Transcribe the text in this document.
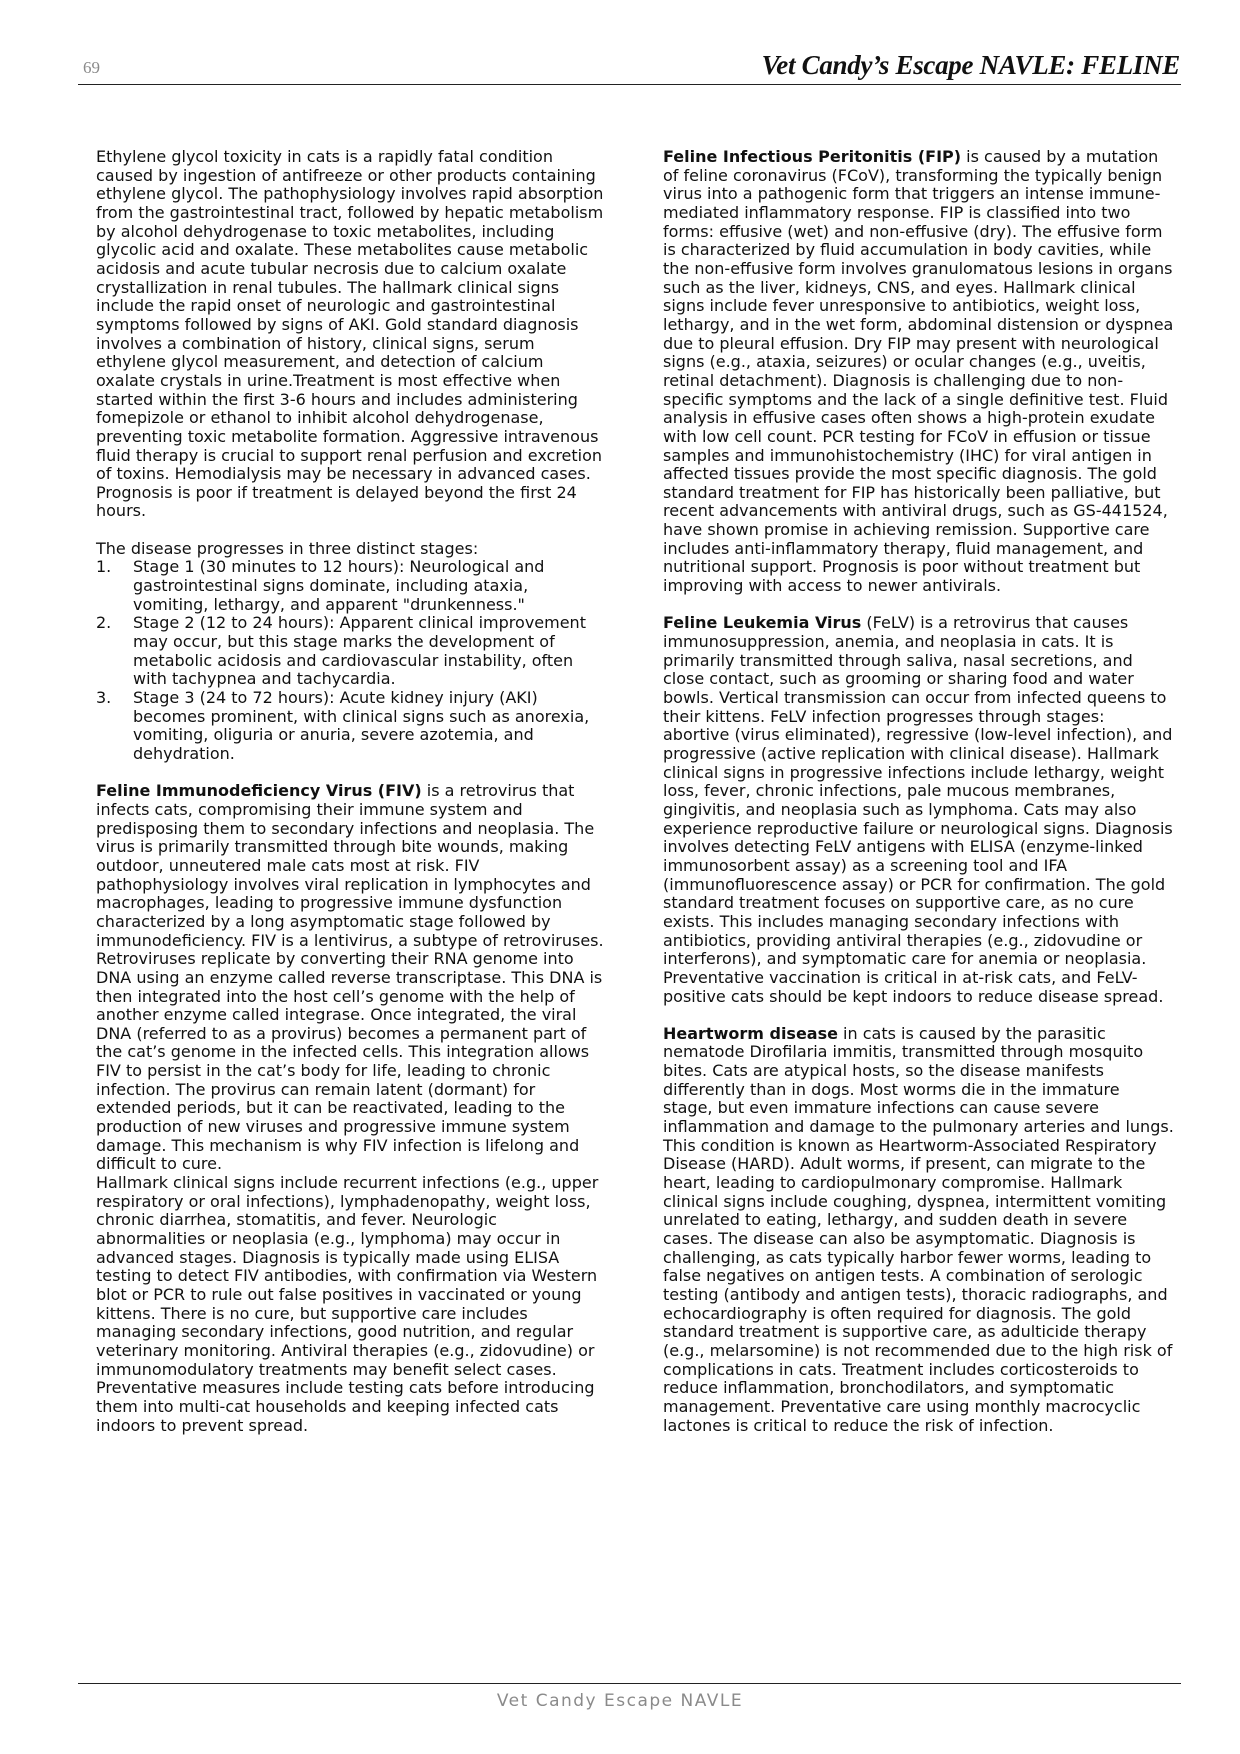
69	Vet Candy’s Escape NAVLE: FELINE

Ethylene glycol toxicity in cats is a rapidly fatal condition caused by ingestion of antifreeze or other products containing ethylene glycol. The pathophysiology involves rapid absorption from the gastrointestinal tract, followed by hepatic metabolism by alcohol dehydrogenase to toxic metabolites, including glycolic acid and oxalate. These metabolites cause metabolic acidosis and acute tubular necrosis due to calcium oxalate crystallization in renal tubules. The hallmark clinical signs include the rapid onset of neurologic and gastrointestinal symptoms followed by signs of AKI. Gold standard diagnosis involves a combination of history, clinical signs, serum ethylene glycol measurement, and detection of calcium oxalate crystals in urine.Treatment is most effective when started within the first 3-6 hours and includes administering fomepizole or ethanol to inhibit alcohol dehydrogenase, preventing toxic metabolite formation. Aggressive intravenous fluid therapy is crucial to support renal perfusion and excretion of toxins. Hemodialysis may be necessary in advanced cases. Prognosis is poor if treatment is delayed beyond the first 24 hours.

The disease progresses in three distinct stages:

1.	Stage 1 (30 minutes to 12 hours): Neurological and gastrointestinal signs dominate, including ataxia, vomiting, lethargy, and apparent "drunkenness."
2.	Stage 2 (12 to 24 hours): Apparent clinical improvement may occur, but this stage marks the development of metabolic acidosis and cardiovascular instability, often with tachypnea and tachycardia.
3.	Stage 3 (24 to 72 hours): Acute kidney injury (AKI) becomes prominent, with clinical signs such as anorexia, vomiting, oliguria or anuria, severe azotemia, and dehydration.

Feline Immunodeficiency Virus (FIV) is a retrovirus that infects cats, compromising their immune system and predisposing them to secondary infections and neoplasia. The virus is primarily transmitted through bite wounds, making outdoor, unneutered male cats most at risk. FIV pathophysiology involves viral replication in lymphocytes and macrophages, leading to progressive immune dysfunction characterized by a long asymptomatic stage followed by immunodeficiency. FIV is a lentivirus, a subtype of retroviruses. Retroviruses replicate by converting their RNA genome into DNA using an enzyme called reverse transcriptase. This DNA is then integrated into the host cell’s genome with the help of another enzyme called integrase. Once integrated, the viral DNA (referred to as a provirus) becomes a permanent part of the cat’s genome in the infected cells. This integration allows FIV to persist in the cat’s body for life, leading to chronic infection. The provirus can remain latent (dormant) for extended periods, but it can be reactivated, leading to the production of new viruses and progressive immune system damage. This mechanism is why FIV infection is lifelong and difficult to cure.

Hallmark clinical signs include recurrent infections (e.g., upper respiratory or oral infections), lymphadenopathy, weight loss, chronic diarrhea, stomatitis, and fever. Neurologic abnormalities or neoplasia (e.g., lymphoma) may occur in advanced stages. Diagnosis is typically made using ELISA testing to detect FIV antibodies, with confirmation via Western blot or PCR to rule out false positives in vaccinated or young kittens. There is no cure, but supportive care includes managing secondary infections, good nutrition, and regular veterinary monitoring. Antiviral therapies (e.g., zidovudine) or immunomodulatory treatments may benefit select cases. Preventative measures include testing cats before introducing them into multi-cat households and keeping infected cats indoors to prevent spread.

Feline Infectious Peritonitis (FIP) is caused by a mutation of feline coronavirus (FCoV), transforming the typically benign virus into a pathogenic form that triggers an intense immune-mediated inflammatory response. FIP is classified into two forms: effusive (wet) and non-effusive (dry). The effusive form is characterized by fluid accumulation in body cavities, while the non-effusive form involves granulomatous lesions in organs such as the liver, kidneys, CNS, and eyes. Hallmark clinical signs include fever unresponsive to antibiotics, weight loss, lethargy, and in the wet form, abdominal distension or dyspnea due to pleural effusion. Dry FIP may present with neurological signs (e.g., ataxia, seizures) or ocular changes (e.g., uveitis, retinal detachment). Diagnosis is challenging due to non-specific symptoms and the lack of a single definitive test. Fluid analysis in effusive cases often shows a high-protein exudate with low cell count. PCR testing for FCoV in effusion or tissue samples and immunohistochemistry (IHC) for viral antigen in affected tissues provide the most specific diagnosis. The gold standard treatment for FIP has historically been palliative, but recent advancements with antiviral drugs, such as GS-441524, have shown promise in achieving remission. Supportive care includes anti-inflammatory therapy, fluid management, and nutritional support. Prognosis is poor without treatment but improving with access to newer antivirals.

Feline Leukemia Virus (FeLV) is a retrovirus that causes immunosuppression, anemia, and neoplasia in cats. It is primarily transmitted through saliva, nasal secretions, and close contact, such as grooming or sharing food and water bowls. Vertical transmission can occur from infected queens to their kittens. FeLV infection progresses through stages: abortive (virus eliminated), regressive (low-level infection), and progressive (active replication with clinical disease). Hallmark clinical signs in progressive infections include lethargy, weight loss, fever, chronic infections, pale mucous membranes, gingivitis, and neoplasia such as lymphoma. Cats may also experience reproductive failure or neurological signs. Diagnosis involves detecting FeLV antigens with ELISA (enzyme-linked immunosorbent assay) as a screening tool and IFA (immunofluorescence assay) or PCR for confirmation. The gold standard treatment focuses on supportive care, as no cure exists. This includes managing secondary infections with antibiotics, providing antiviral therapies (e.g., zidovudine or interferons), and symptomatic care for anemia or neoplasia. Preventative vaccination is critical in at-risk cats, and FeLV-positive cats should be kept indoors to reduce disease spread.

Heartworm disease in cats is caused by the parasitic nematode Dirofilaria immitis, transmitted through mosquito bites. Cats are atypical hosts, so the disease manifests differently than in dogs. Most worms die in the immature stage, but even immature infections can cause severe inflammation and damage to the pulmonary arteries and lungs. This condition is known as Heartworm-Associated Respiratory Disease (HARD). Adult worms, if present, can migrate to the heart, leading to cardiopulmonary compromise. Hallmark clinical signs include coughing, dyspnea, intermittent vomiting unrelated to eating, lethargy, and sudden death in severe cases. The disease can also be asymptomatic. Diagnosis is challenging, as cats typically harbor fewer worms, leading to false negatives on antigen tests. A combination of serologic testing (antibody and antigen tests), thoracic radiographs, and echocardiography is often required for diagnosis. The gold standard treatment is supportive care, as adulticide therapy (e.g., melarsomine) is not recommended due to the high risk of complications in cats. Treatment includes corticosteroids to reduce inflammation, bronchodilators, and symptomatic management. Preventative care using monthly macrocyclic lactones is critical to reduce the risk of infection.

Vet Candy Escape NAVLE
